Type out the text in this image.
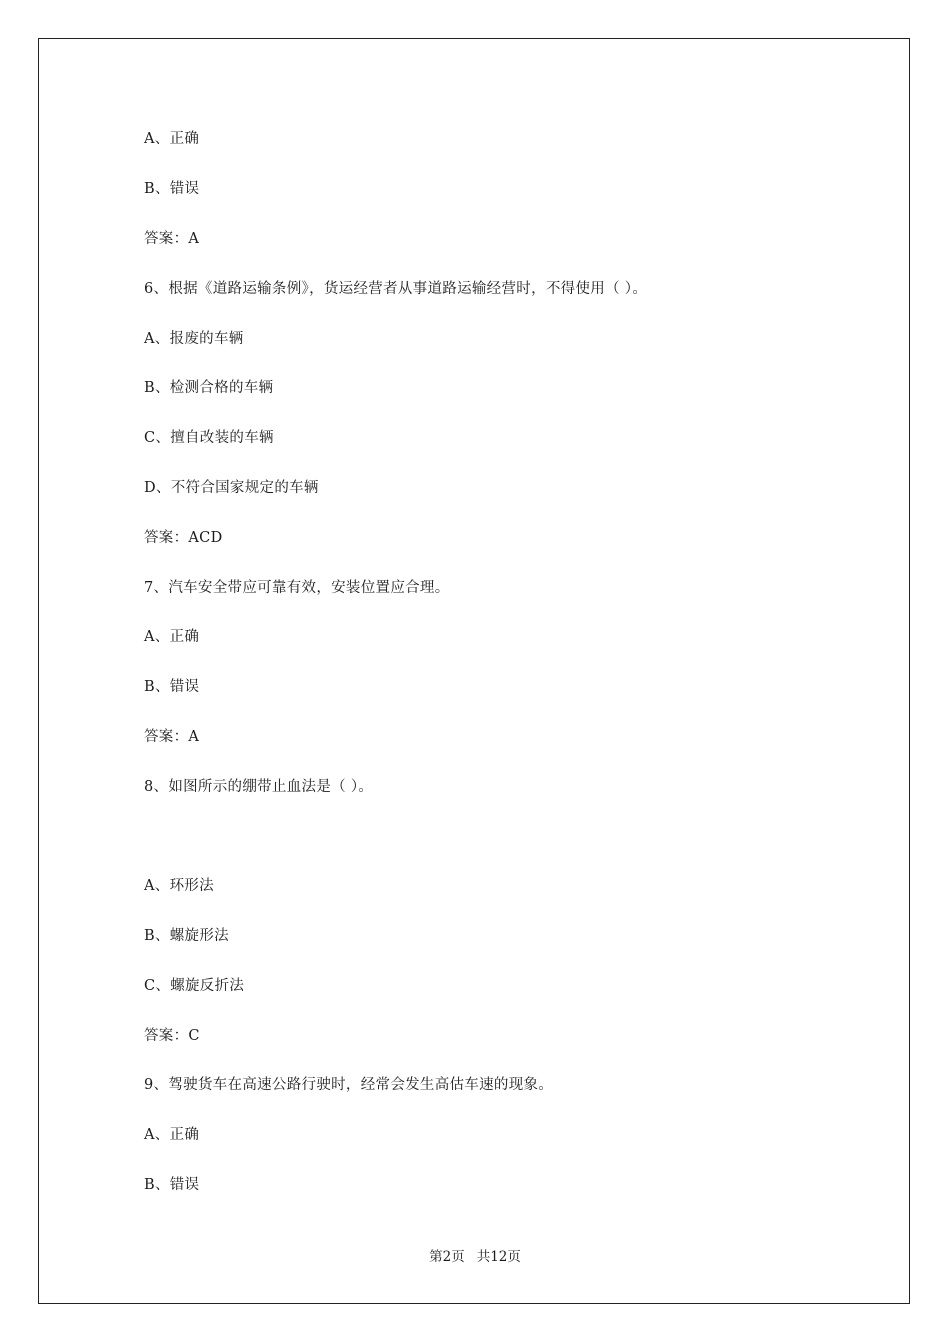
A、正确
B、错误
答案：A
6、根据《道路运输条例》，货运经营者从事道路运输经营时，不得使用（ ）。
A、报废的车辆
B、检测合格的车辆
C、擅自改装的车辆
D、不符合国家规定的车辆
答案：ACD
7、汽车安全带应可靠有效，安装位置应合理。
A、正确
B、错误
答案：A
8、如图所示的绷带止血法是（ ）。
A、环形法
B、螺旋形法
C、螺旋反折法
答案：C
9、驾驶货车在高速公路行驶时，经常会发生高估车速的现象。
A、正确
B、错误
第2页 共12页
